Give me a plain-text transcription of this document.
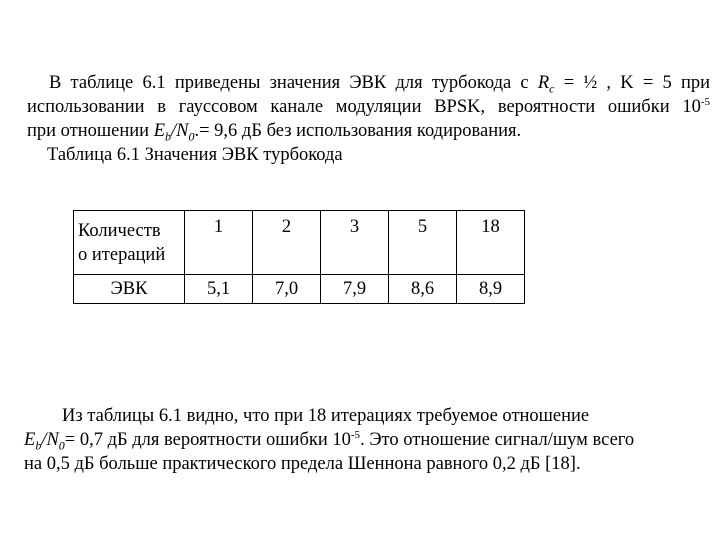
В таблице 6.1 приведены значения ЭВК для турбокода с $R_c$ = ½ , K = 5 при
использовании в гауссовом канале модуляции BPSK, вероятности ошибки $10^{-5}$
при отношении $E_b/N_0.= 9,6$ дБ без использования кодирования.
Таблица 6.1 Значения ЭВК турбокода
Количеств
о итераций	1	2	3	5	18
ЭВК	5,1	7,0	7,9	8,6	8,9
Из таблицы 6.1 видно, что при 18 итерациях требуемое отношение
$E_b/N_0= 0,7$ дБ для вероятности ошибки $10^{-5}$. Это отношение сигнал/шум всего
на 0,5 дБ больше практического предела Шеннона равного 0,2 дБ [18].
